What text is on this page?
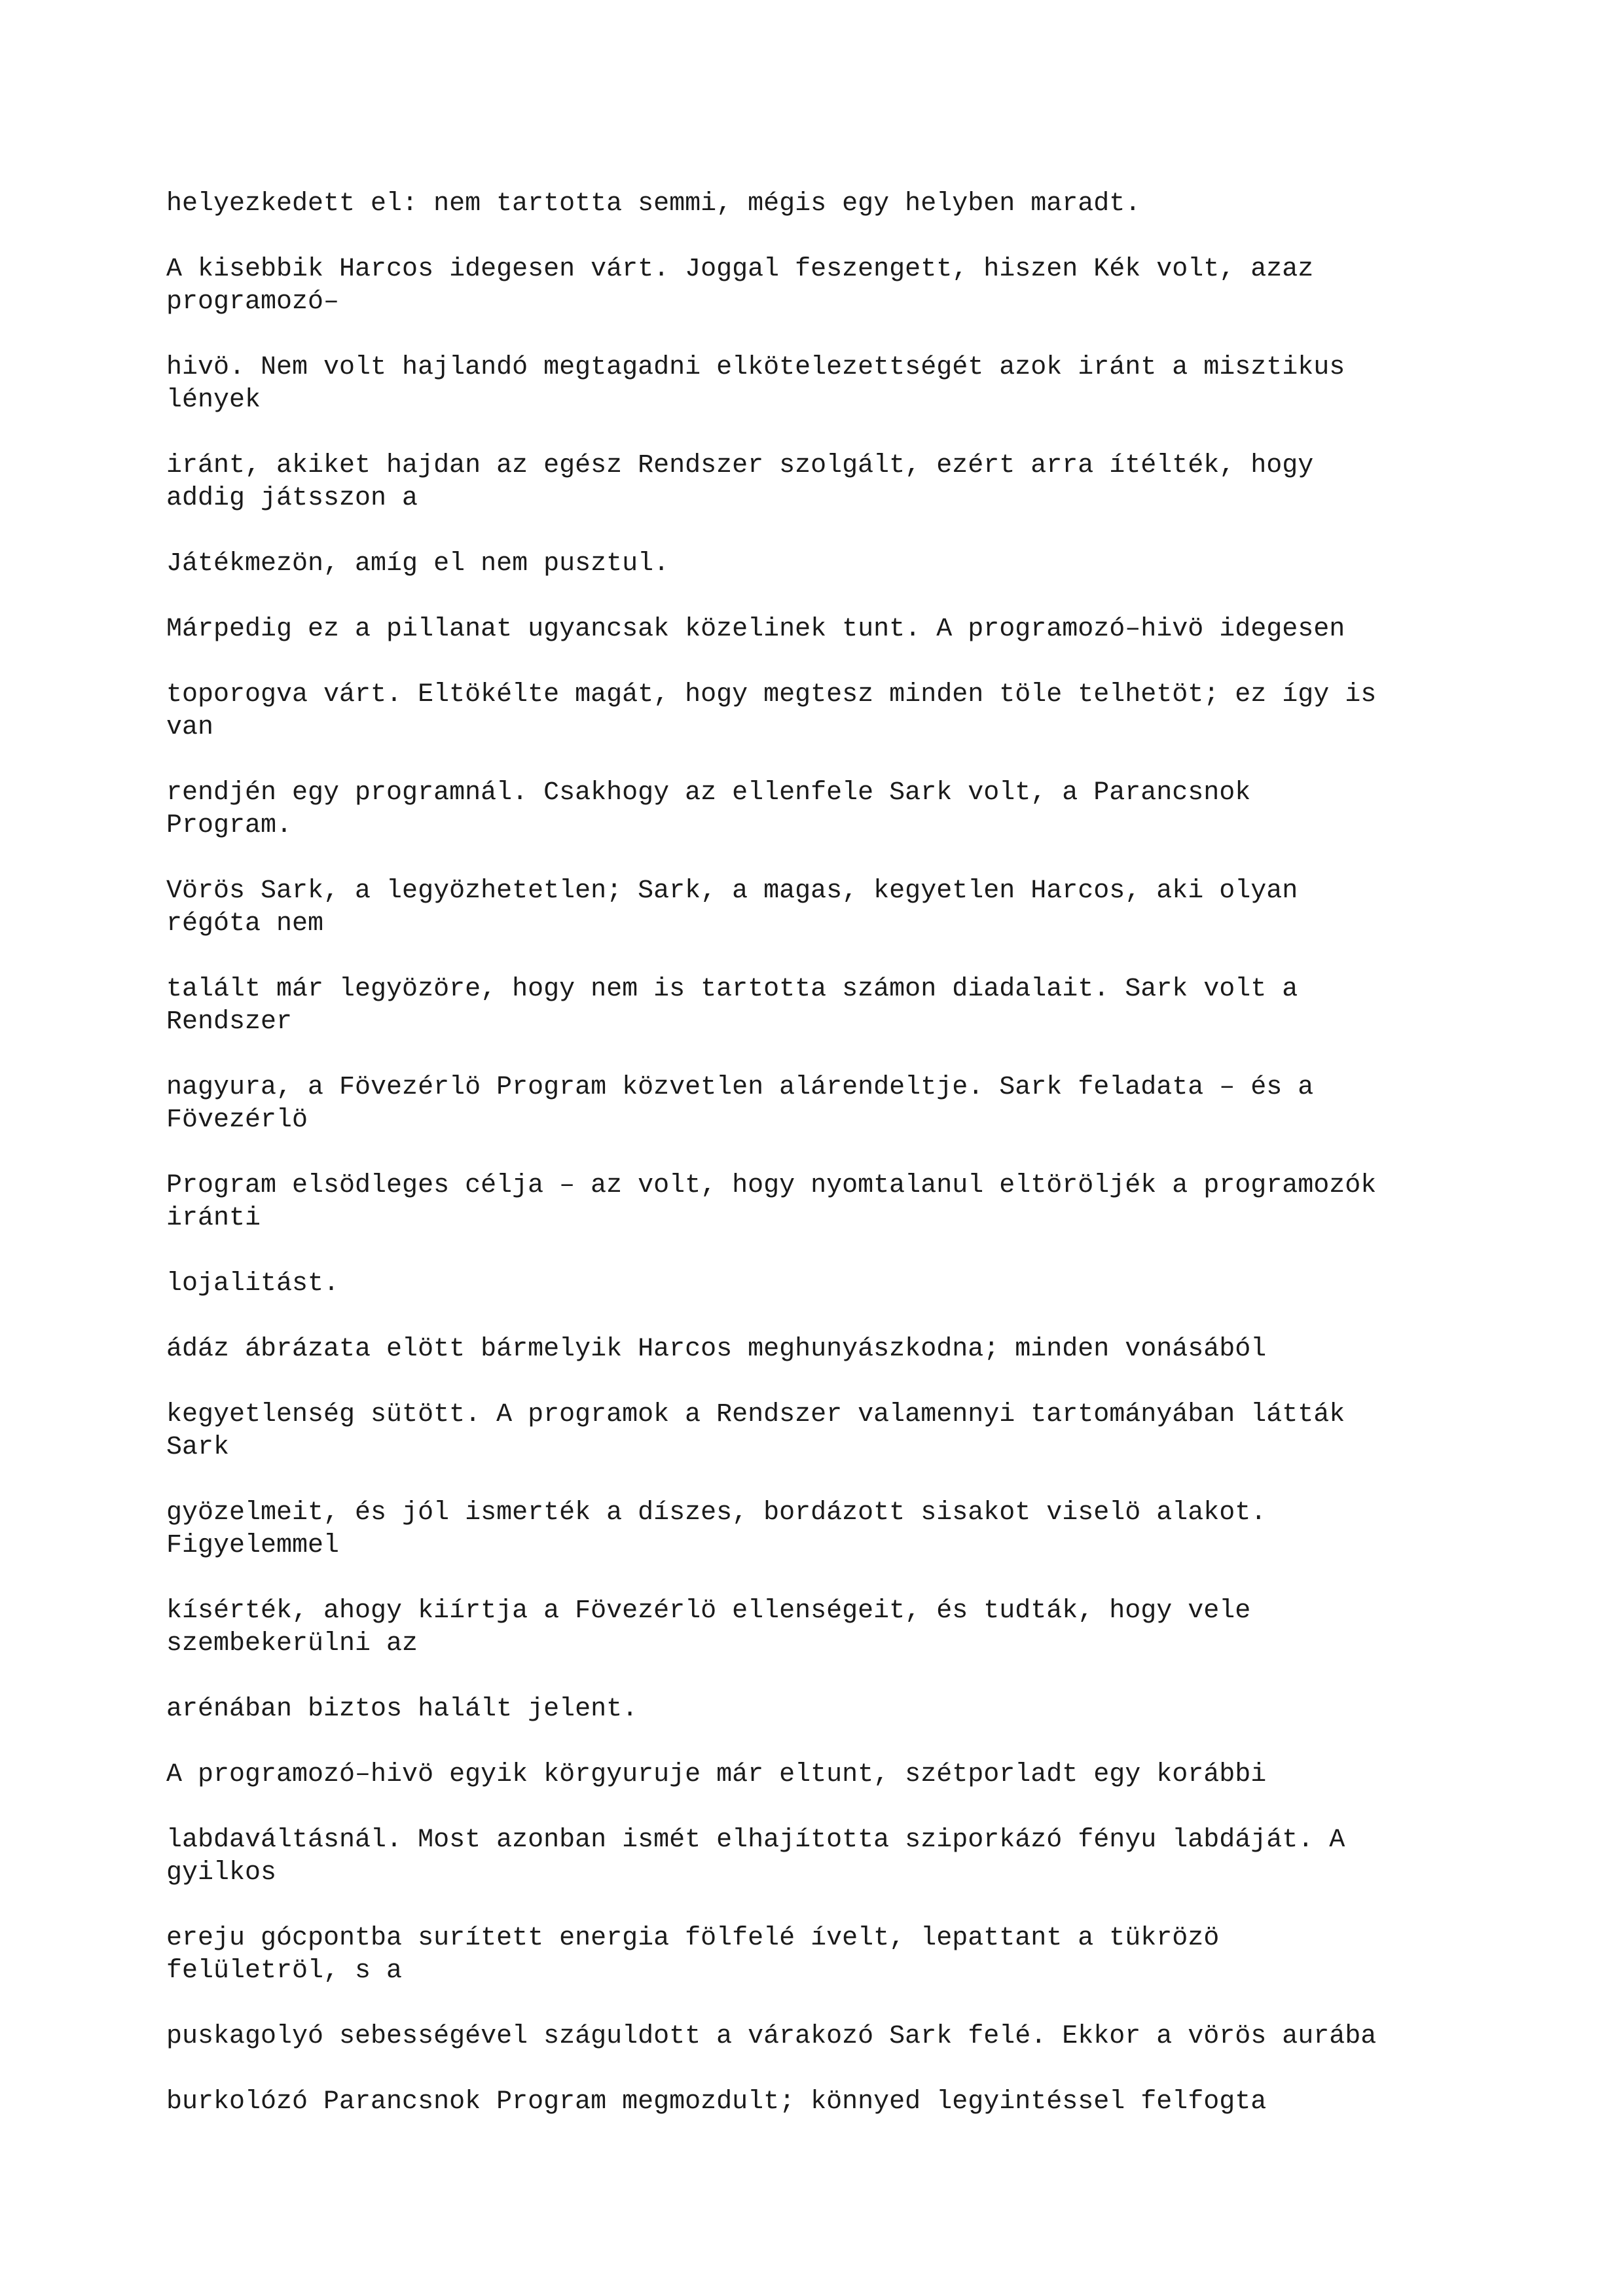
helyezkedett el: nem tartotta semmi, mégis egy helyben maradt.

A kisebbik Harcos idegesen várt. Joggal feszengett, hiszen Kék volt, azaz
programozó–

hivö. Nem volt hajlandó megtagadni elkötelezettségét azok iránt a misztikus
lények

iránt, akiket hajdan az egész Rendszer szolgált, ezért arra ítélték, hogy
addig játsszon a

Játékmezön, amíg el nem pusztul.

Márpedig ez a pillanat ugyancsak közelinek tunt. A programozó–hivö idegesen

toporogva várt. Eltökélte magát, hogy megtesz minden töle telhetöt; ez így is
van

rendjén egy programnál. Csakhogy az ellenfele Sark volt, a Parancsnok
Program.

Vörös Sark, a legyözhetetlen; Sark, a magas, kegyetlen Harcos, aki olyan
régóta nem

talált már legyözöre, hogy nem is tartotta számon diadalait. Sark volt a
Rendszer

nagyura, a Fövezérlö Program közvetlen alárendeltje. Sark feladata – és a
Fövezérlö

Program elsödleges célja – az volt, hogy nyomtalanul eltöröljék a programozók
iránti

lojalitást.

ádáz ábrázata elött bármelyik Harcos meghunyászkodna; minden vonásából

kegyetlenség sütött. A programok a Rendszer valamennyi tartományában látták
Sark

gyözelmeit, és jól ismerték a díszes, bordázott sisakot viselö alakot.
Figyelemmel

kísérték, ahogy kiírtja a Fövezérlö ellenségeit, és tudták, hogy vele
szembekerülni az

arénában biztos halált jelent.

A programozó–hivö egyik körgyuruje már eltunt, szétporladt egy korábbi

labdaváltásnál. Most azonban ismét elhajította sziporkázó fényu labdáját. A
gyilkos

ereju gócpontba surített energia fölfelé ívelt, lepattant a tükrözö
felületröl, s a

puskagolyó sebességével száguldott a várakozó Sark felé. Ekkor a vörös aurába

burkolózó Parancsnok Program megmozdult; könnyed legyintéssel felfogta
